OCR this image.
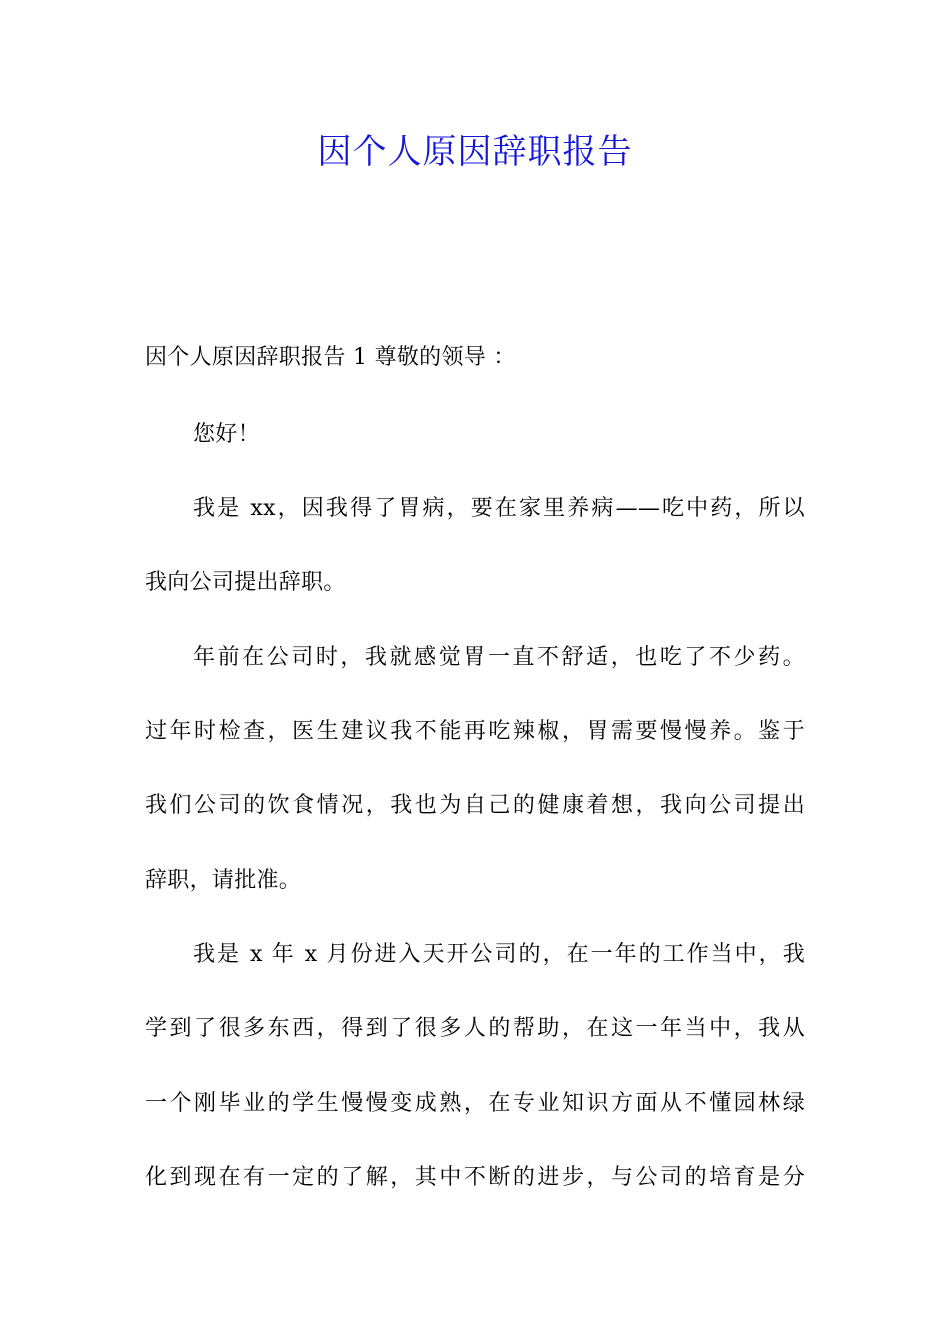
因个人原因辞职报告
因个人原因辞职报告 1 尊敬的领导 ：
您好！
我是 xx，因我得了胃病，要在家里养病——吃中药，所以
我向公司提出辞职。
年前在公司时，我就感觉胃一直不舒适，也吃了不少药。
过年时检查，医生建议我不能再吃辣椒，胃需要慢慢养。鉴于
我们公司的饮食情况，我也为自己的健康着想，我向公司提出
辞职，请批准。
我是 x 年 x 月份进入天开公司的，在一年的工作当中，我
学到了很多东西，得到了很多人的帮助，在这一年当中，我从
一个刚毕业的学生慢慢变成熟，在专业知识方面从不懂园林绿
化到现在有一定的了解，其中不断的进步，与公司的培育是分
